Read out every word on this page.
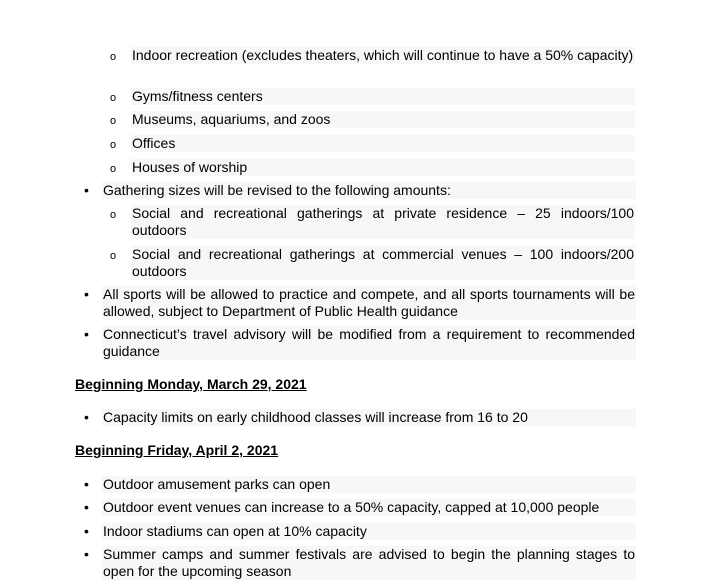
o Indoor recreation (excludes theaters, which will continue to have a 50% capacity)
o Gyms/fitness centers
o Museums, aquariums, and zoos
o Offices
o Houses of worship
• Gathering sizes will be revised to the following amounts:
o Social and recreational gatherings at private residence – 25 indoors/100 outdoors
o Social and recreational gatherings at commercial venues – 100 indoors/200 outdoors
• All sports will be allowed to practice and compete, and all sports tournaments will be allowed, subject to Department of Public Health guidance
• Connecticut’s travel advisory will be modified from a requirement to recommended guidance
Beginning Monday, March 29, 2021
• Capacity limits on early childhood classes will increase from 16 to 20
Beginning Friday, April 2, 2021
• Outdoor amusement parks can open
• Outdoor event venues can increase to a 50% capacity, capped at 10,000 people
• Indoor stadiums can open at 10% capacity
• Summer camps and summer festivals are advised to begin the planning stages to open for the upcoming season
